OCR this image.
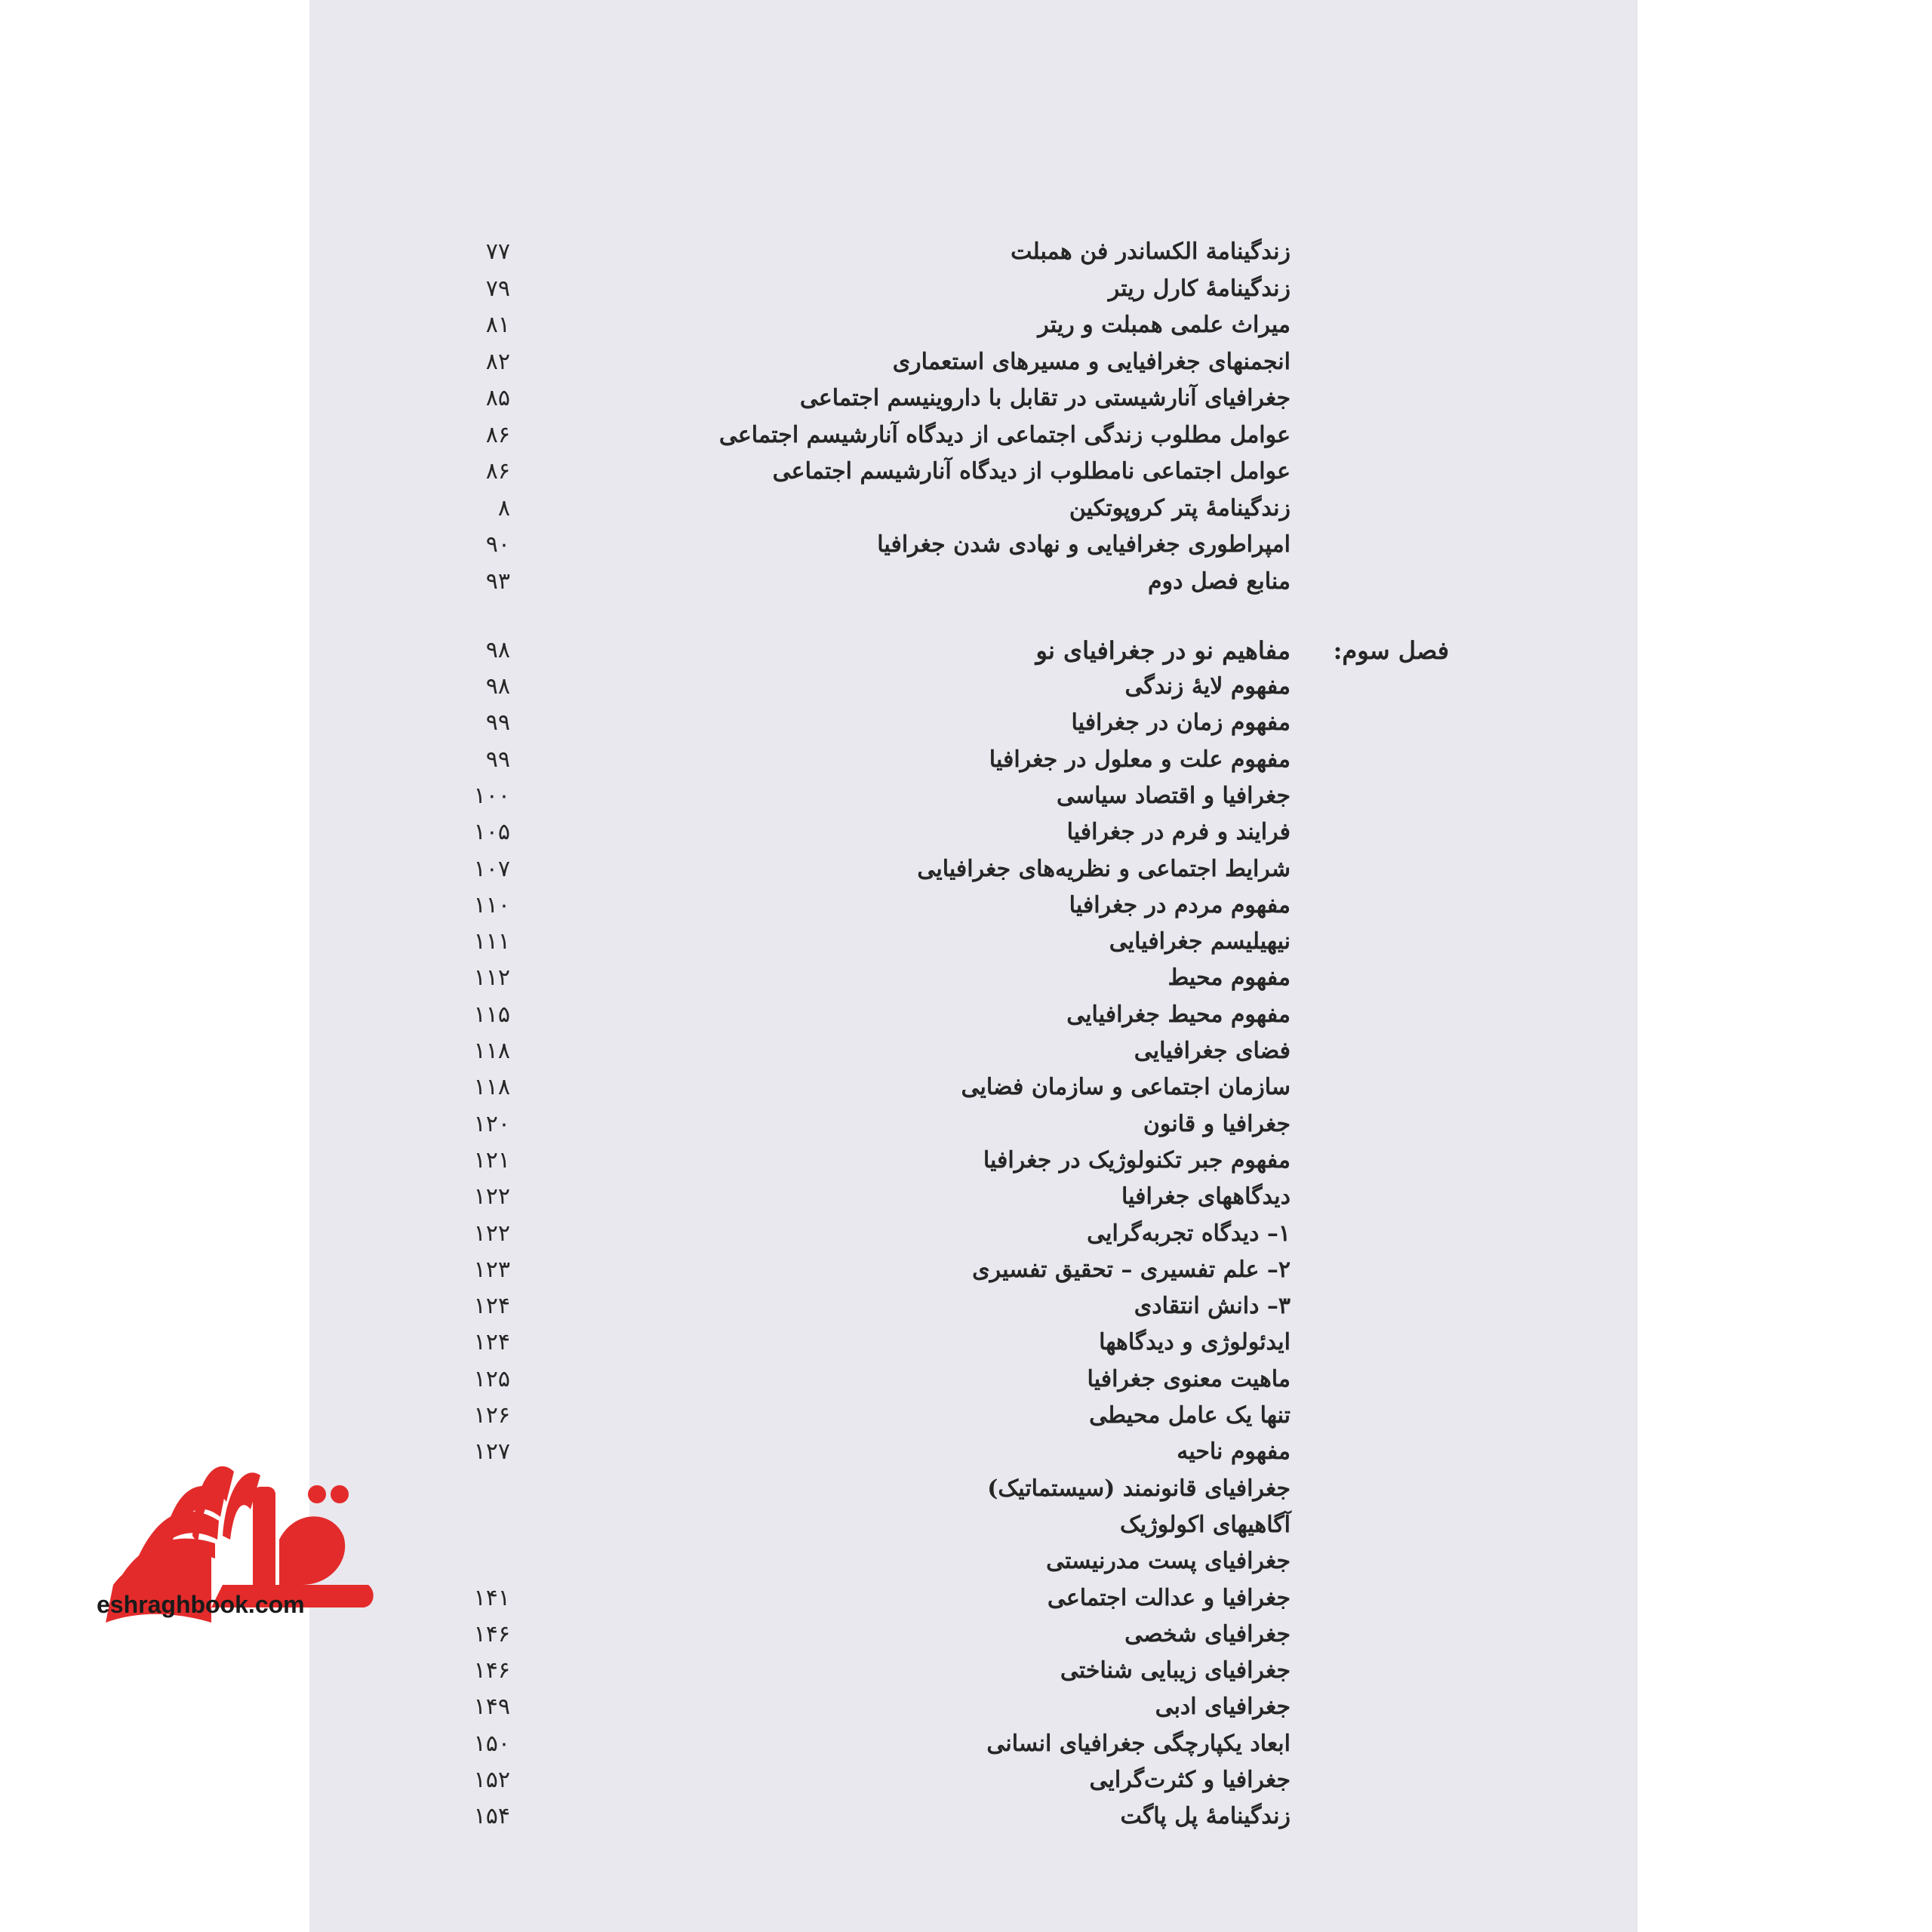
زندگینامة الکساندر فن همبلت
۷۷
زندگینامهٔ کارل ریتر
۷۹
میراث علمی همبلت و ریتر
۸۱
انجمنهای جغرافیایی و مسیرهای استعماری
۸۲
جغرافیای آنارشیستی در تقابل با داروینیسم اجتماعی
۸۵
عوامل مطلوب زندگی اجتماعی از دیدگاه آنارشیسم اجتماعی
۸۶
عوامل اجتماعی نامطلوب از دیدگاه آنارشیسم اجتماعی
۸۶
زندگینامهٔ پتر کروپوتکین
۸
امپراطوری جغرافیایی و نهادی شدن جغرافیا
۹۰
منابع فصل دوم
۹۳
فصل سوم:
مفاهیم نو در جغرافیای نو
۹۸
مفهوم لایهٔ زندگی
۹۸
مفهوم زمان در جغرافیا
۹۹
مفهوم علت و معلول در جغرافیا
۹۹
جغرافیا و اقتصاد سیاسی
۱۰۰
فرایند و فرم در جغرافیا
۱۰۵
شرایط اجتماعی و نظریه‌های جغرافیایی
۱۰۷
مفهوم مردم در جغرافیا
۱۱۰
نیهیلیسم جغرافیایی
۱۱۱
مفهوم محیط
۱۱۲
مفهوم محیط جغرافیایی
۱۱۵
فضای جغرافیایی
۱۱۸
سازمان اجتماعی و سازمان فضایی
۱۱۸
جغرافیا و قانون
۱۲۰
مفهوم جبر تکنولوژیک در جغرافیا
۱۲۱
دیدگاههای جغرافیا
۱۲۲
۱– دیدگاه تجربه‌گرایی
۱۲۲
۲– علم تفسیری – تحقیق تفسیری
۱۲۳
۳– دانش انتقادی
۱۲۴
ایدئولوژی و دیدگاهها
۱۲۴
ماهیت معنوی جغرافیا
۱۲۵
تنها یک عامل محیطی
۱۲۶
مفهوم ناحیه
۱۲۷
جغرافیای قانونمند (سیستماتیک)
آگاهیهای اکولوژیک
جغرافیای پست مدرنیستی
جغرافیا و عدالت اجتماعی
۱۴۱
جغرافیای شخصی
۱۴۶
جغرافیای زیبایی شناختی
۱۴۶
جغرافیای ادبی
۱۴۹
ابعاد یکپارچگی جغرافیای انسانی
۱۵۰
جغرافیا و کثرت‌گرایی
۱۵۲
زندگینامهٔ پل پاگت
۱۵۴
eshraghbook.com
